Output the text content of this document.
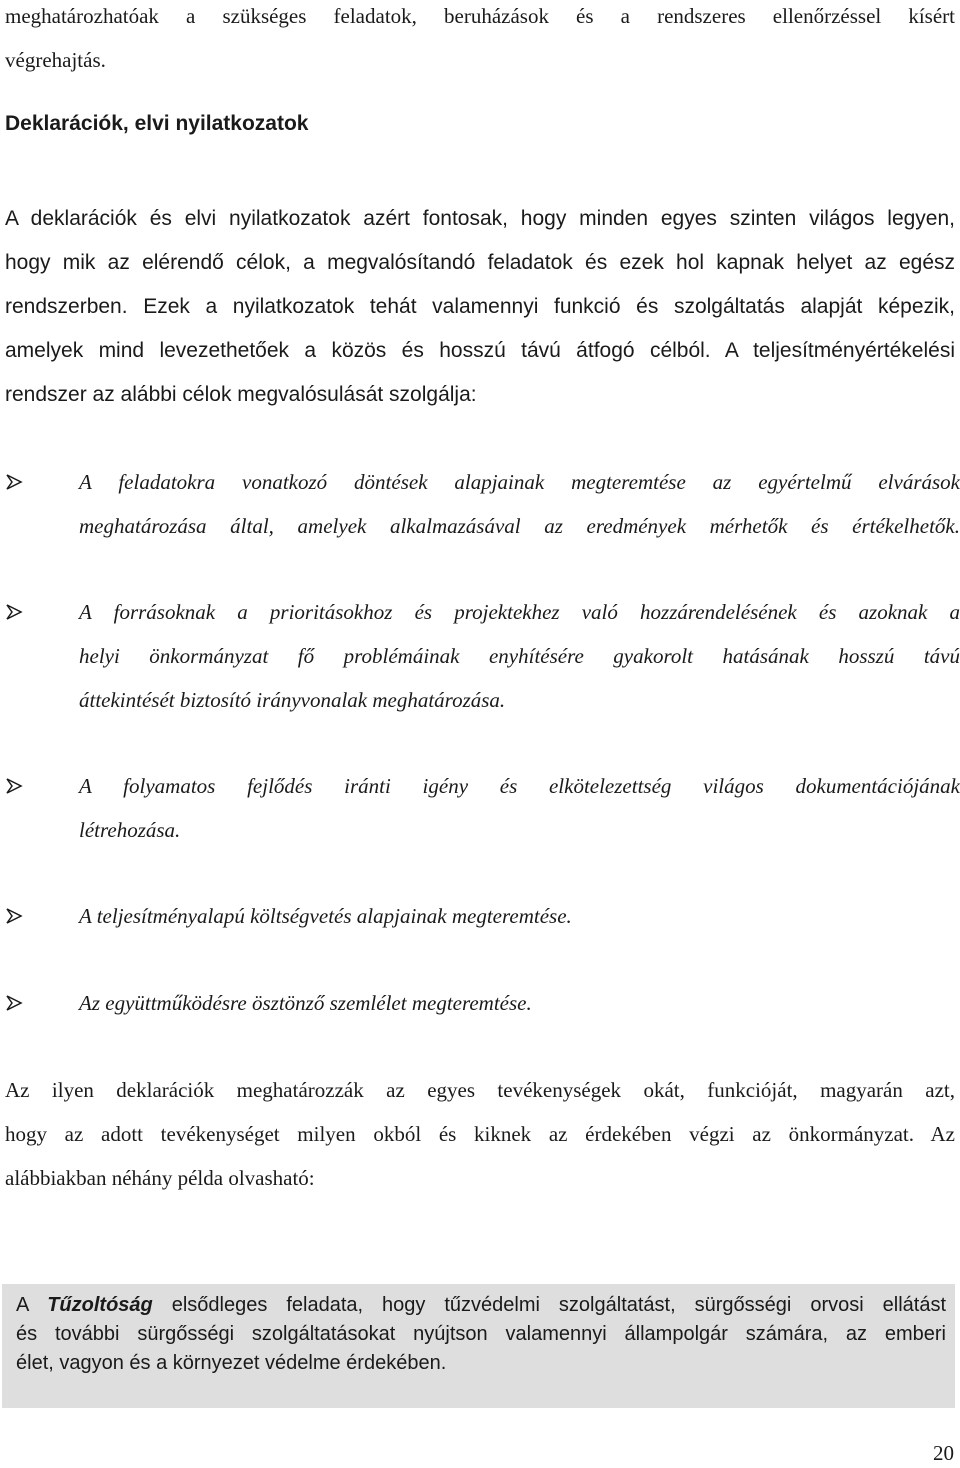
meghatározhatóak a szükséges feladatok, beruházások és a rendszeres ellenőrzéssel kísért
végrehajtás.
Deklarációk, elvi nyilatkozatok
A deklarációk és elvi nyilatkozatok azért fontosak, hogy minden egyes szinten világos legyen,
hogy mik az elérendő célok, a megvalósítandó feladatok és ezek hol kapnak helyet az egész
rendszerben. Ezek a nyilatkozatok tehát valamennyi funkció és szolgáltatás alapját képezik,
amelyek mind levezethetőek a közös és hosszú távú átfogó célból. A teljesítményértékelési
rendszer az alábbi célok megvalósulását szolgálja:
A feladatokra vonatkozó döntések alapjainak megteremtése az egyértelmű elvárások
meghatározása által, amelyek alkalmazásával az eredmények mérhetők és értékelhetők.
A forrásoknak a prioritásokhoz és projektekhez való hozzárendelésének és azoknak a
helyi önkormányzat fő problémáinak enyhítésére gyakorolt hatásának hosszú távú
áttekintését biztosító irányvonalak meghatározása.
A folyamatos fejlődés iránti igény és elkötelezettség világos dokumentációjának
létrehozása.
A teljesítményalapú költségvetés alapjainak megteremtése.
Az együttműködésre ösztönző szemlélet megteremtése.
Az ilyen deklarációk meghatározzák az egyes tevékenységek okát, funkcióját, magyarán azt,
hogy az adott tevékenységet milyen okból és kiknek az érdekében végzi az önkormányzat. Az
alábbiakban néhány példa olvasható:
A Tűzoltóság elsődleges feladata, hogy tűzvédelmi szolgáltatást, sürgősségi orvosi ellátást
és további sürgősségi szolgáltatásokat nyújtson valamennyi állampolgár számára, az emberi
élet, vagyon és a környezet védelme érdekében.
20
